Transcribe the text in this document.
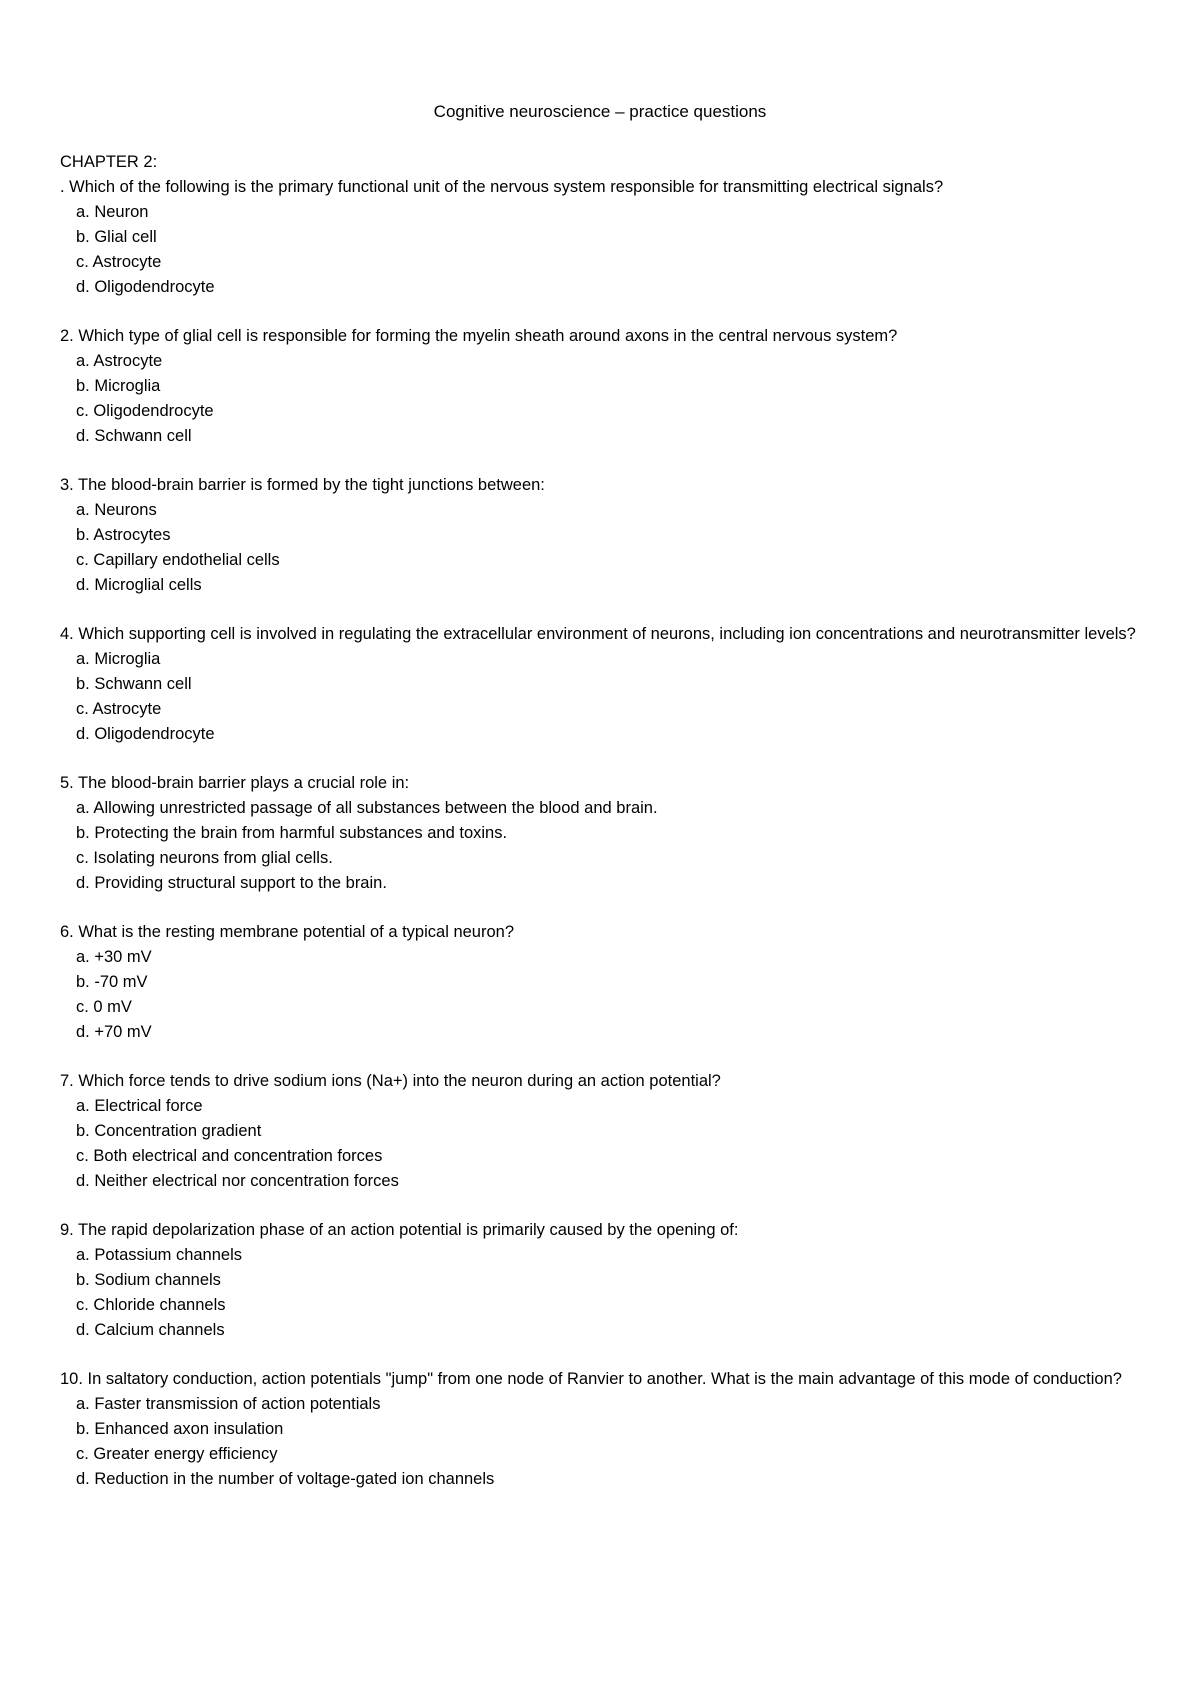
Cognitive neuroscience – practice questions
CHAPTER 2:
. Which of the following is the primary functional unit of the nervous system responsible for transmitting electrical signals?
a. Neuron
b. Glial cell
c. Astrocyte
d. Oligodendrocyte
2. Which type of glial cell is responsible for forming the myelin sheath around axons in the central nervous system?
a. Astrocyte
b. Microglia
c. Oligodendrocyte
d. Schwann cell
3. The blood-brain barrier is formed by the tight junctions between:
a. Neurons
b. Astrocytes
c. Capillary endothelial cells
d. Microglial cells
4. Which supporting cell is involved in regulating the extracellular environment of neurons, including ion concentrations and neurotransmitter levels?
a. Microglia
b. Schwann cell
c. Astrocyte
d. Oligodendrocyte
5. The blood-brain barrier plays a crucial role in:
a. Allowing unrestricted passage of all substances between the blood and brain.
b. Protecting the brain from harmful substances and toxins.
c. Isolating neurons from glial cells.
d. Providing structural support to the brain.
6. What is the resting membrane potential of a typical neuron?
a. +30 mV
b. -70 mV
c. 0 mV
d. +70 mV
7. Which force tends to drive sodium ions (Na+) into the neuron during an action potential?
a. Electrical force
b. Concentration gradient
c. Both electrical and concentration forces
d. Neither electrical nor concentration forces
9. The rapid depolarization phase of an action potential is primarily caused by the opening of:
a. Potassium channels
b. Sodium channels
c. Chloride channels
d. Calcium channels
10. In saltatory conduction, action potentials "jump" from one node of Ranvier to another. What is the main advantage of this mode of conduction?
a. Faster transmission of action potentials
b. Enhanced axon insulation
c. Greater energy efficiency
d. Reduction in the number of voltage-gated ion channels
